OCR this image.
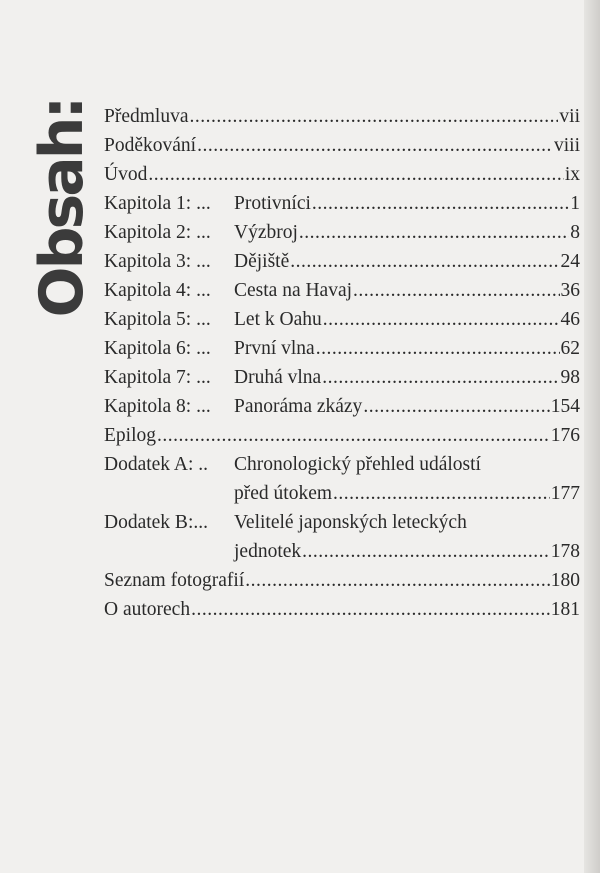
Obsah: Předmluva .....	vii
Poděkování .....	viii
Úvod .....	ix
Kapitola 1: ...	Protivníci .....	1
Kapitola 2: ...	Výzbroj .....	8
Kapitola 3: ...	Dějiště .....	24
Kapitola 4: ...	Cesta na Havaj .....	36
Kapitola 5: ...	Let k Oahu .....	46
Kapitola 6: ...	První vlna .....	62
Kapitola 7: ...	Druhá vlna .....	98
Kapitola 8: ...	Panoráma zkázy .....	154
Epilog .....	176
Dodatek A: ..	Chronologický přehled událostí
před útokem .....	177
Dodatek B:...	Velitelé japonských leteckých
jednotek .....	178
Seznam fotografií .....	180
O autorech .....	181
